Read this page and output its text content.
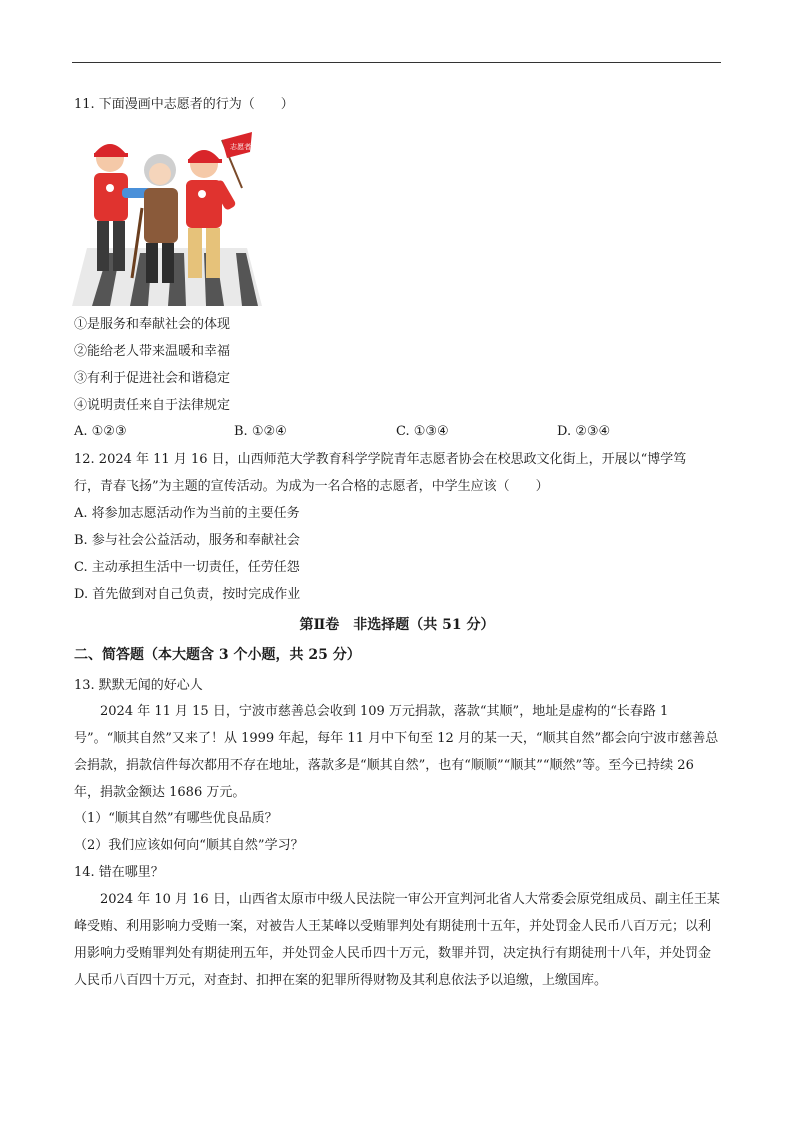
11. 下面漫画中志愿者的行为（　　）
志愿者
①是服务和奉献社会的体现
②能给老人带来温暖和幸福
③有利于促进社会和谐稳定
④说明责任来自于法律规定
A. ①②③	B. ①②④	C. ①③④	D. ②③④
12. 2024 年 11 月 16 日，山西师范大学教育科学学院青年志愿者协会在校思政文化街上，开展以“博学笃
行，青春飞扬”为主题的宣传活动。为成为一名合格的志愿者，中学生应该（　　）
A. 将参加志愿活动作为当前的主要任务
B. 参与社会公益活动，服务和奉献社会
C. 主动承担生活中一切责任，任劳任怨
D. 首先做到对自己负责，按时完成作业
第Ⅱ卷　非选择题（共 51 分）
二、简答题（本大题含 3 个小题，共 25 分）
13. 默默无闻的好心人
2024 年 11 月 15 日，宁波市慈善总会收到 109 万元捐款，落款“其顺”，地址是虚构的“长春路 1 号”。“顺其自然”又来了！从 1999 年起，每年 11 月中下旬至 12 月的某一天，“顺其自然”都会向宁波市慈善总会捐款，捐款信件每次都用不存在地址，落款多是“顺其自然”，也有“顺顺”“顺其”“顺然”等。至今已持续 26 年，捐款金额达 1686 万元。
（1）“顺其自然”有哪些优良品质？
（2）我们应该如何向“顺其自然”学习？
14. 错在哪里？
2024 年 10 月 16 日，山西省太原市中级人民法院一审公开宣判河北省人大常委会原党组成员、副主任王某峰受贿、利用影响力受贿一案，对被告人王某峰以受贿罪判处有期徒刑十五年，并处罚金人民币八百万元；以利用影响力受贿罪判处有期徒刑五年，并处罚金人民币四十万元，数罪并罚，决定执行有期徒刑十八年，并处罚金人民币八百四十万元，对查封、扣押在案的犯罪所得财物及其利息依法予以追缴，上缴国库。
